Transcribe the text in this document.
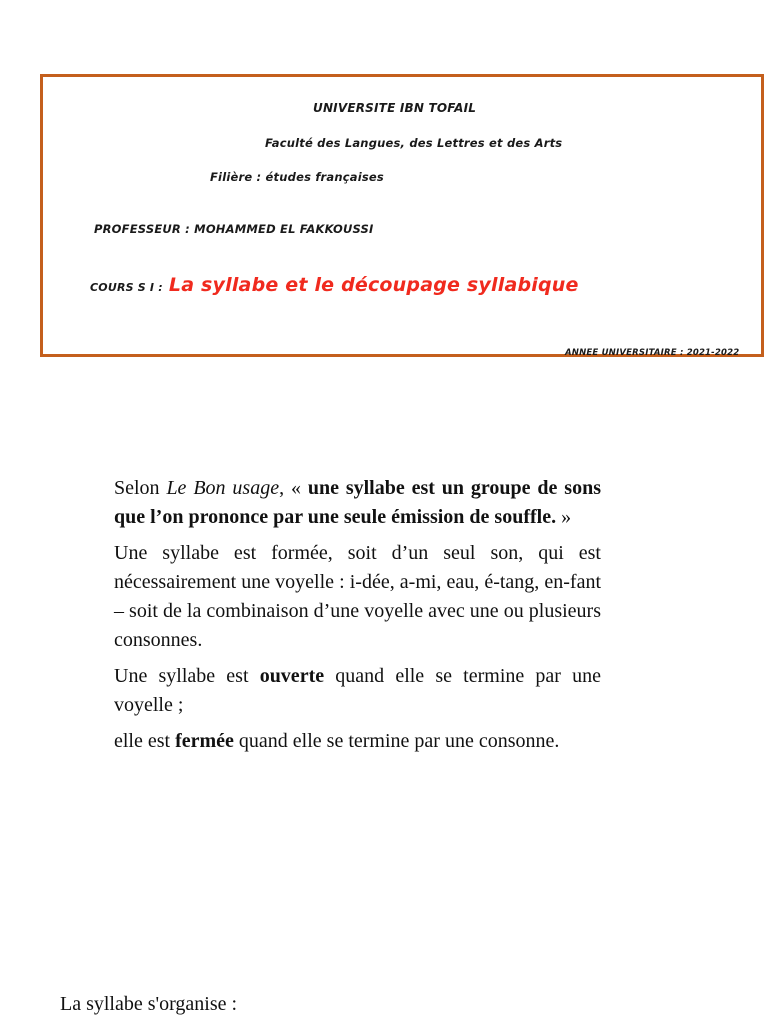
UNIVERSITE IBN TOFAIL
Faculté des Langues, des Lettres et des Arts
Filière : études françaises
PROFESSEUR : MOHAMMED EL FAKKOUSSI
COURS S I : La syllabe et le découpage syllabique
ANNEE UNIVERSITAIRE : 2021-2022

Selon Le Bon usage, « une syllabe est un groupe de sons que l’on prononce par une seule émission de souffle. »

Une syllabe est formée, soit d’un seul son, qui est nécessairement une voyelle : i-dée, a-mi, eau, é-tang, en-fant – soit de la combinaison d’une voyelle avec une ou plusieurs consonnes.

Une syllabe est ouverte quand elle se termine par une voyelle ;

elle est fermée quand elle se termine par une consonne.

La syllabe s'organise :
